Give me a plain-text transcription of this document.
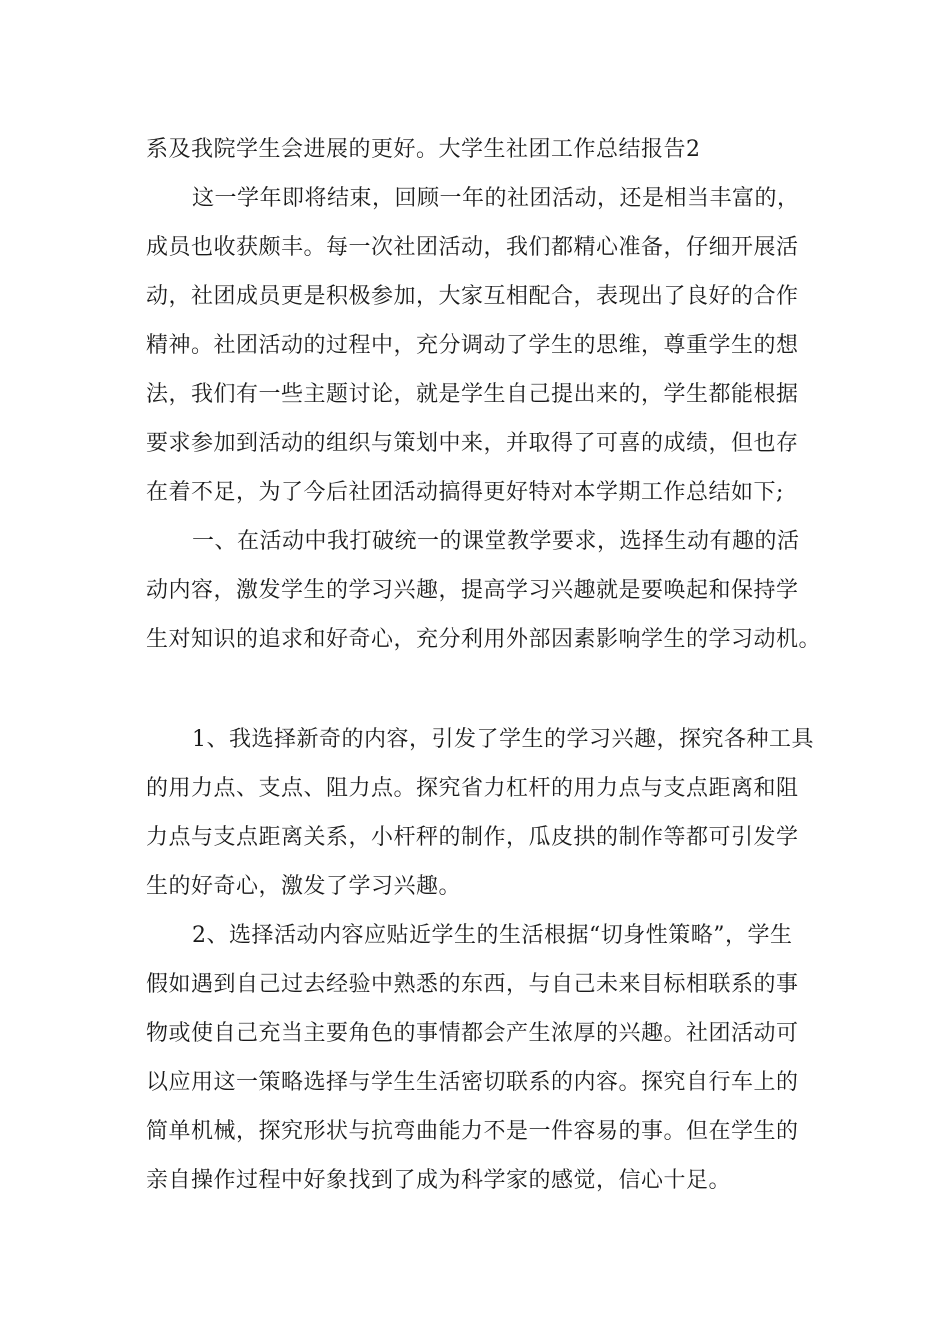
系及我院学生会进展的更好。大学生社团工作总结报告2
这一学年即将结束，回顾一年的社团活动，还是相当丰富的，
成员也收获颇丰。每一次社团活动，我们都精心准备，仔细开展活
动，社团成员更是积极参加，大家互相配合，表现出了良好的合作
精神。社团活动的过程中，充分调动了学生的思维，尊重学生的想
法，我们有一些主题讨论，就是学生自己提出来的，学生都能根据
要求参加到活动的组织与策划中来，并取得了可喜的成绩，但也存
在着不足，为了今后社团活动搞得更好特对本学期工作总结如下;
一、在活动中我打破统一的课堂教学要求，选择生动有趣的活
动内容，激发学生的学习兴趣，提高学习兴趣就是要唤起和保持学
生对知识的追求和好奇心，充分利用外部因素影响学生的学习动机。
1、我选择新奇的内容，引发了学生的学习兴趣，探究各种工具
的用力点、支点、阻力点。探究省力杠杆的用力点与支点距离和阻
力点与支点距离关系，小杆秤的制作，瓜皮拱的制作等都可引发学
生的好奇心，激发了学习兴趣。
2、选择活动内容应贴近学生的生活根据“切身性策略”，学生
假如遇到自己过去经验中熟悉的东西，与自己未来目标相联系的事
物或使自己充当主要角色的事情都会产生浓厚的兴趣。社团活动可
以应用这一策略选择与学生生活密切联系的内容。探究自行车上的
简单机械，探究形状与抗弯曲能力不是一件容易的事。但在学生的
亲自操作过程中好象找到了成为科学家的感觉，信心十足。
